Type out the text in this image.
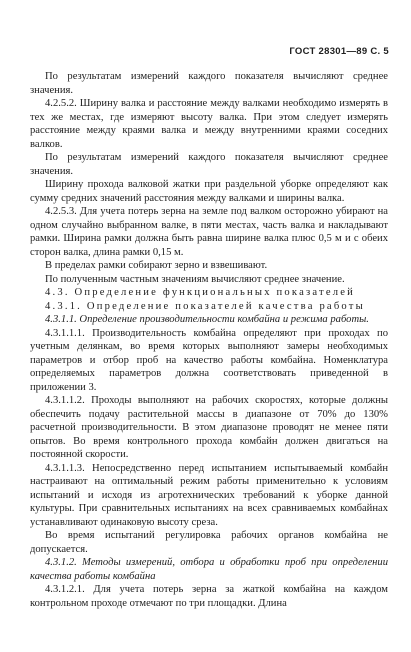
ГОСТ 28301—89 С. 5

По результатам измерений каждого показателя вычисляют среднее значения.

4.2.5.2. Ширину валка и расстояние между валками необходимо измерять в тех же местах, где измеряют высоту валка. При этом следует измерять расстояние между краями валка и между внутренними краями соседних валков.

По результатам измерений каждого показателя вычисляют среднее значения.

Ширину прохода валковой жатки при раздельной уборке определяют как сумму средних значений расстояния между валками и ширины валка.

4.2.5.3. Для учета потерь зерна на земле под валком осторожно убирают на одном случайно выбранном валке, в пяти местах, часть валка и накладывают рамки. Ширина рамки должна быть равна ширине валка плюс 0,5 м и с обеих сторон валка, длина рамки 0,15 м.

В пределах рамки собирают зерно и взвешивают.

По полученным частным значениям вычисляют среднее значение.

4.3. Определение функциональных показателей

4.3.1. Определение показателей качества работы

4.3.1.1. Определение производительности комбайна и режима работы.

4.3.1.1.1. Производительность комбайна определяют при проходах по учетным делянкам, во время которых выполняют замеры необходимых параметров и отбор проб на качество работы комбайна. Номенклатура определяемых параметров должна соответствовать приведенной в приложении 3.

4.3.1.1.2. Проходы выполняют на рабочих скоростях, которые должны обеспечить подачу растительной массы в диапазоне от 70% до 130% расчетной производительности. В этом диапазоне проводят не менее пяти опытов. Во время контрольного прохода комбайн должен двигаться на постоянной скорости.

4.3.1.1.3. Непосредственно перед испытанием испытываемый комбайн настраивают на оптимальный режим работы применительно к условиям испытаний и исходя из агротехнических требований к уборке данной культуры. При сравнительных испытаниях на всех сравниваемых комбайнах устанавливают одинаковую высоту среза.

Во время испытаний регулировка рабочих органов комбайна не допускается.

4.3.1.2. Методы измерений, отбора и обработки проб при определении качества работы комбайна

4.3.1.2.1. Для учета потерь зерна за жаткой комбайна на каждом контрольном проходе отмечают по три площадки. Длина
